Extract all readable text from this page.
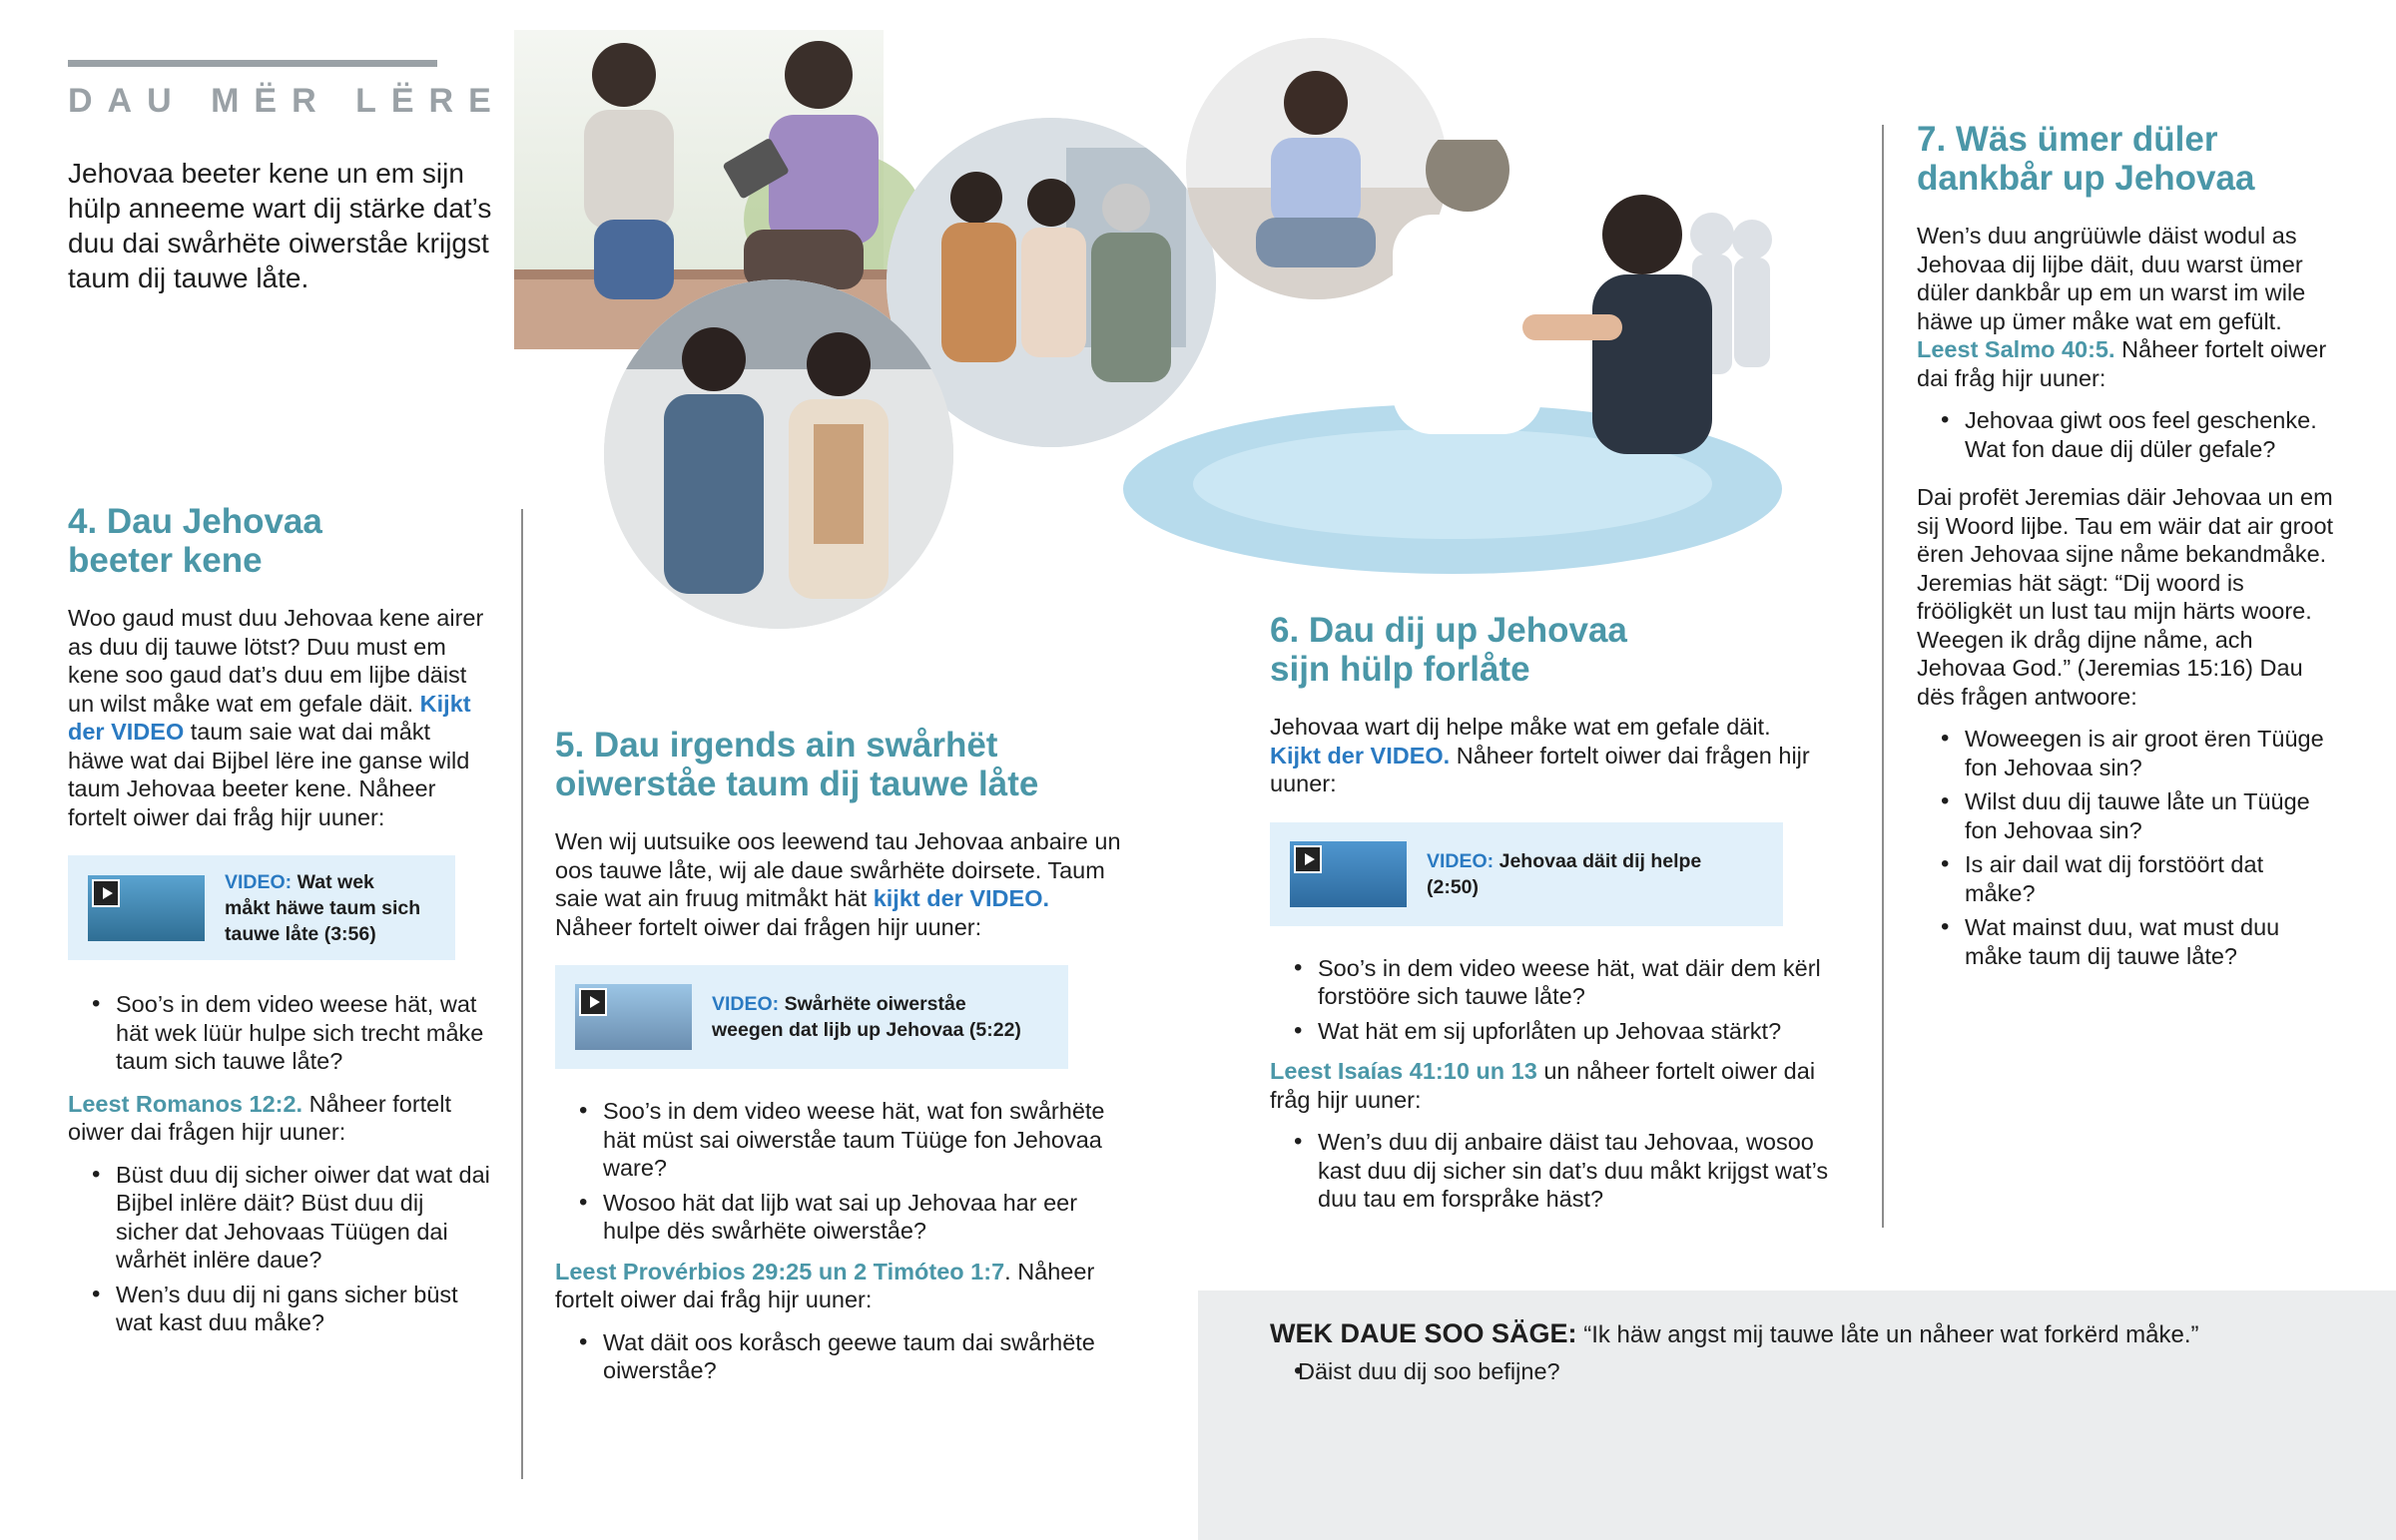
DAU MËR LËRE
Jehovaa beeter kene un em sijn hülp anneeme wart dij stärke dat’s duu dai swårhëte oiwerståe krijgst taum dij tauwe låte.
4. Dau Jehovaa
beeter kene

Woo gaud must duu Jehovaa kene airer as duu dij tauwe lötst? Duu must em kene soo gaud dat’s duu em lijbe däist un wilst måke wat em gefale däit. Kijkt der VIDEO taum saie wat dai måkt häwe wat dai Bijbel lëre ine ganse wild taum Jehovaa beeter kene. Nåheer fortelt oiwer dai fråg hijr uuner:

VIDEO: Wat wek måkt häwe taum sich tauwe låte (3:56)
• Soo’s in dem video weese hät, wat hät wek lüür hulpe sich trecht måke taum sich tauwe låte?

Leest Romanos 12:2. Nåheer fortelt oiwer dai frågen hijr uuner:

• Büst duu dij sicher oiwer dat wat dai Bijbel inlëre däit? Büst duu dij sicher dat Jehovaas Tüügen dai wårhët inlëre daue?
• Wen’s duu dij ni gans sicher büst wat kast duu måke?
5. Dau irgends ain swårhët
oiwerståe taum dij tauwe låte

Wen wij uutsuike oos leewend tau Jehovaa anbaire un oos tauwe låte, wij ale daue swårhëte doirsete. Taum saie wat ain fruug mitmåkt hät kijkt der VIDEO. Nåheer fortelt oiwer dai frågen hijr uuner:

VIDEO: Swårhëte oiwerståe weegen dat lijb up Jehovaa (5:22)
• Soo’s in dem video weese hät, wat fon swårhëte hät müst sai oiwerståe taum Tüüge fon Jehovaa ware?
• Wosoo hät dat lijb wat sai up Jehovaa har eer hulpe dës swårhëte oiwerståe?

Leest Provérbios 29:25 un 2 Timóteo 1:7. Nåheer fortelt oiwer dai fråg hijr uuner:

• Wat däit oos koråsch geewe taum dai swårhëte oiwerståe?
6. Dau dij up Jehovaa
sijn hülp forlåte

Jehovaa wart dij helpe måke wat em gefale däit.
Kijkt der VIDEO. Nåheer fortelt oiwer dai frågen hijr uuner:

VIDEO: Jehovaa däit dij helpe (2:50)
• Soo’s in dem video weese hät, wat däir dem kërl forstööre sich tauwe låte?
• Wat hät em sij upforlåten up Jehovaa stärkt?

Leest Isaías 41:10 un 13 un nåheer fortelt oiwer dai fråg hijr uuner:

• Wen’s duu dij anbaire däist tau Jehovaa, wosoo kast duu dij sicher sin dat’s duu måkt krijgst wat’s duu tau em forspråke häst?
7. Wäs ümer düler
dankbår up Jehovaa

Wen’s duu angrüüwle däist wodul as Jehovaa dij lijbe däit, duu warst ümer düler dankbår up em un warst im wile häwe up ümer måke wat em gefült. Leest Salmo 40:5. Nåheer fortelt oiwer dai fråg hijr uuner:

• Jehovaa giwt oos feel geschenke. Wat fon daue dij düler gefale?

Dai profët Jeremias däir Jehovaa un em sij Woord lijbe. Tau em wäir dat air groot ëren Jehovaa sijne nåme bekandmåke. Jeremias hät sägt: “Dij woord is frööligkët un lust tau mijn härts woore. Weegen ik dråg dijne nåme, ach Jehovaa God.” (Jeremias 15:16) Dau dës frågen antwoore:

• Woweegen is air groot ëren Tüüge fon Jehovaa sin?
• Wilst duu dij tauwe låte un Tüüge fon Jehovaa sin?
• Is air dail wat dij forstöört dat måke?
• Wat mainst duu, wat must duu måke taum dij tauwe låte?

WEK DAUE SOO SÄGE: “Ik häw angst mij tauwe låte un nåheer wat forkërd måke.”

• Däist duu dij soo befijne?
